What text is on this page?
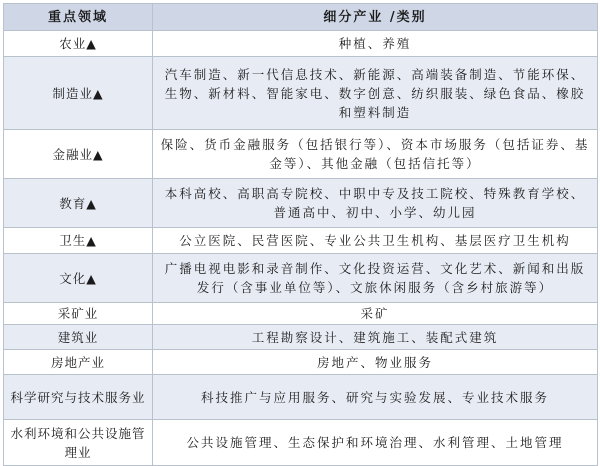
重点领域	细分产业 /类别
农业▲	种植、养殖
制造业▲	汽车制造、新一代信息技术、新能源、高端装备制造、节能环保、生物、新材料、智能家电、数字创意、纺织服装、绿色食品、橡胶和塑料制造
金融业▲	保险、货币金融服务（包括银行等）、资本市场服务（包括证券、基金等）、其他金融（包括信托等）
教育▲	本科高校、高职高专院校、中职中专及技工院校、特殊教育学校、普通高中、初中、小学、幼儿园
卫生▲	公立医院、民营医院、专业公共卫生机构、基层医疗卫生机构
文化▲	广播电视电影和录音制作、文化投资运营、文化艺术、新闻和出版发行（含事业单位等）、文旅休闲服务（含乡村旅游等）
采矿业	采矿
建筑业	工程勘察设计、建筑施工、装配式建筑
房地产业	房地产、物业服务
科学研究与技术服务业	科技推广与应用服务、研究与实验发展、专业技术服务
水利环境和公共设施管理业	公共设施管理、生态保护和环境治理、水利管理、土地管理
